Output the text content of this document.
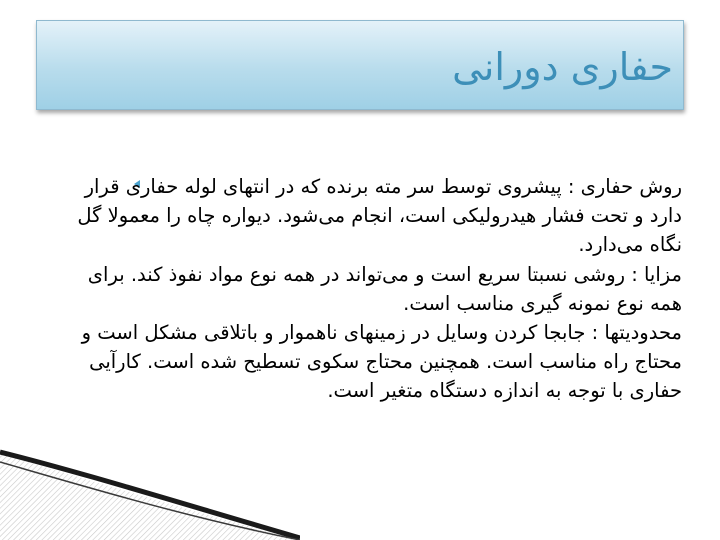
حفاری دورانی

روش حفاری : پیشروی توسط سر مته برنده که در انتهای لوله حفاری قرار دارد و تحت فشار هیدرولیکی است، انجام می‌شود. دیواره چاه را معمولا گل نگاه می‌دارد.

مزایا : روشی نسبتا سریع است و می‌تواند در همه نوع مواد نفوذ کند. برای همه نوع نمونه گیری مناسب است.

محدودیتها : جابجا کردن وسایل در زمینهای ناهموار و باتلاقی مشکل است و محتاج راه مناسب است. همچنین محتاج سکوی تسطیح شده است. کارآیی حفاری با توجه به اندازه دستگاه متغیر است.
